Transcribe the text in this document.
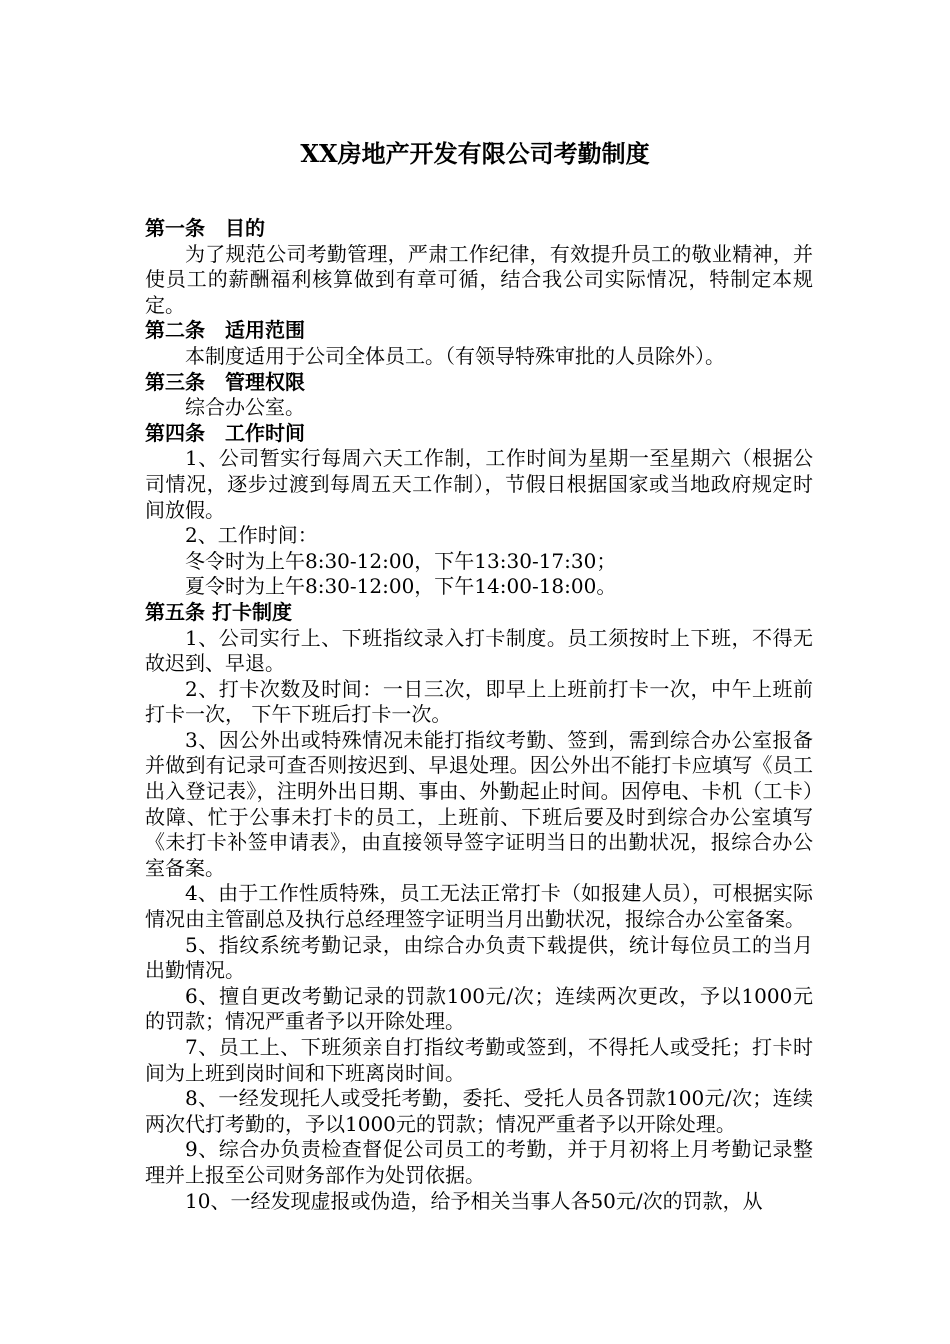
XX房地产开发有限公司考勤制度
第一条　目的

为了规范公司考勤管理，严肃工作纪律，有效提升员工的敬业精神，并使员工的薪酬福利核算做到有章可循，结合我公司实际情况，特制定本规定。

第二条　适用范围

本制度适用于公司全体员工。（有领导特殊审批的人员除外）。

第三条　管理权限

综合办公室。

第四条　工作时间

1、公司暂实行每周六天工作制，工作时间为星期一至星期六（根据公司情况，逐步过渡到每周五天工作制），节假日根据国家或当地政府规定时间放假。

2、工作时间：

冬令时为上午8:30-12:00，下午13:30-17:30；

夏令时为上午8:30-12:00，下午14:00-18:00。

第五条 打卡制度

1、公司实行上、下班指纹录入打卡制度。员工须按时上下班，不得无故迟到、早退。

2、打卡次数及时间：一日三次，即早上上班前打卡一次，中午上班前打卡一次， 下午下班后打卡一次。

3、因公外出或特殊情况未能打指纹考勤、签到，需到综合办公室报备并做到有记录可查否则按迟到、早退处理。因公外出不能打卡应填写《员工出入登记表》，注明外出日期、事由、外勤起止时间。因停电、卡机（工卡）故障、忙于公事未打卡的员工，上班前、下班后要及时到综合办公室填写《未打卡补签申请表》，由直接领导签字证明当日的出勤状况，报综合办公室备案。

4、由于工作性质特殊，员工无法正常打卡（如报建人员），可根据实际情况由主管副总及执行总经理签字证明当月出勤状况，报综合办公室备案。

5、指纹系统考勤记录，由综合办负责下载提供，统计每位员工的当月出勤情况。

6、擅自更改考勤记录的罚款100元/次；连续两次更改，予以1000元的罚款；情况严重者予以开除处理。

7、员工上、下班须亲自打指纹考勤或签到，不得托人或受托；打卡时间为上班到岗时间和下班离岗时间。

8、一经发现托人或受托考勤，委托、受托人员各罚款100元/次；连续两次代打考勤的，予以1000元的罚款；情况严重者予以开除处理。

9、综合办负责检查督促公司员工的考勤，并于月初将上月考勤记录整理并上报至公司财务部作为处罚依据。

10、一经发现虚报或伪造，给予相关当事人各50元/次的罚款，从
